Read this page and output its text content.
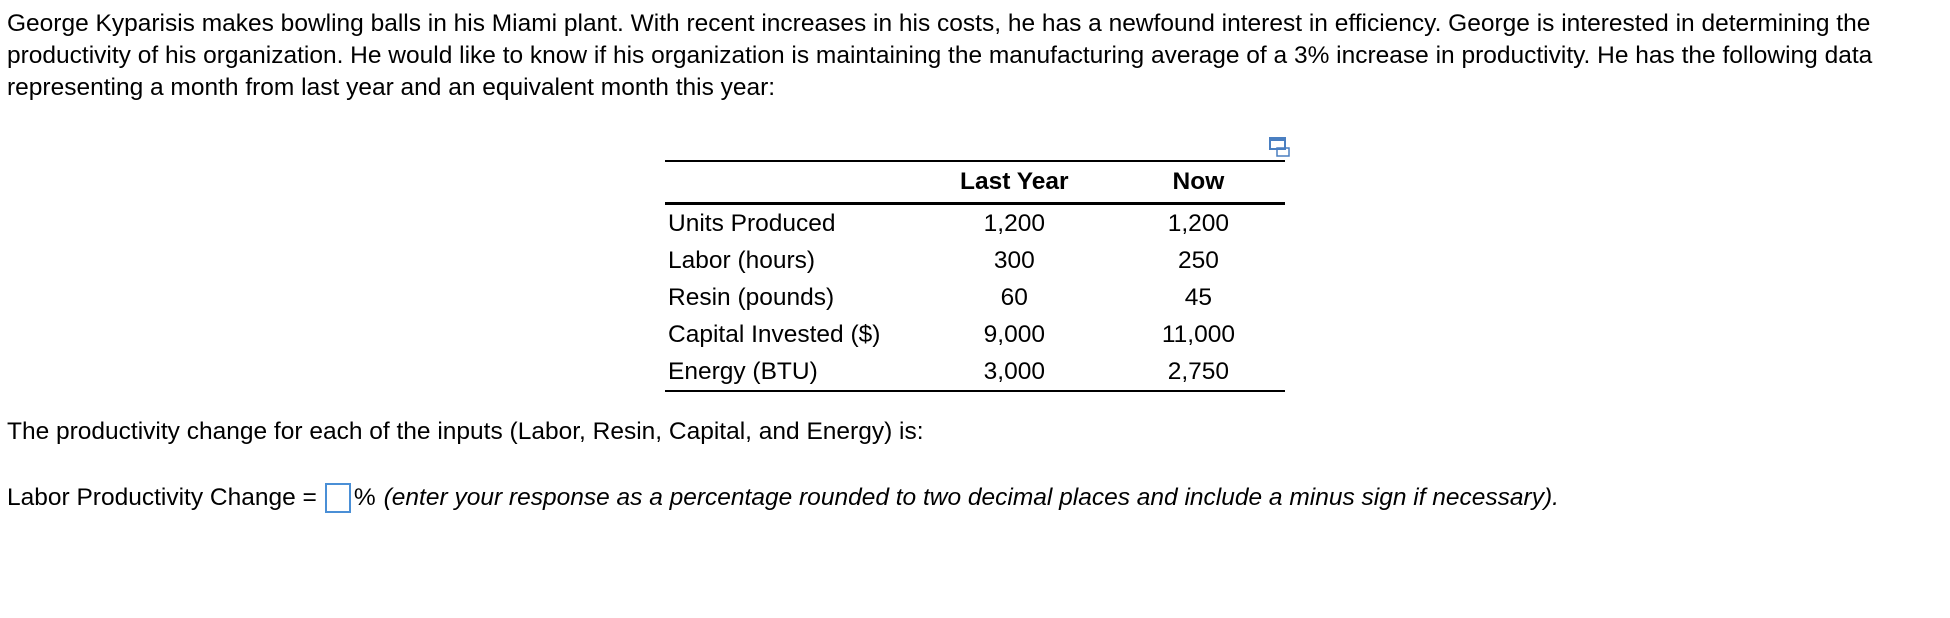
George Kyparisis makes bowling balls in his Miami plant. With recent increases in his costs, he has a newfound interest in efficiency. George is interested in determining the productivity of his organization. He would like to know if his organization is maintaining the manufacturing average of a 3% increase in productivity. He has the following data representing a month from last year and an equivalent month this year:

	Last Year	Now
Units Produced	1,200	1,200
Labor (hours)	300	250
Resin (pounds)	60	45
Capital Invested ($)	9,000	11,000
Energy (BTU)	3,000	2,750

The productivity change for each of the inputs (Labor, Resin, Capital, and Energy) is:

Labor Productivity Change = % (enter your response as a percentage rounded to two decimal places and include a minus sign if necessary).
